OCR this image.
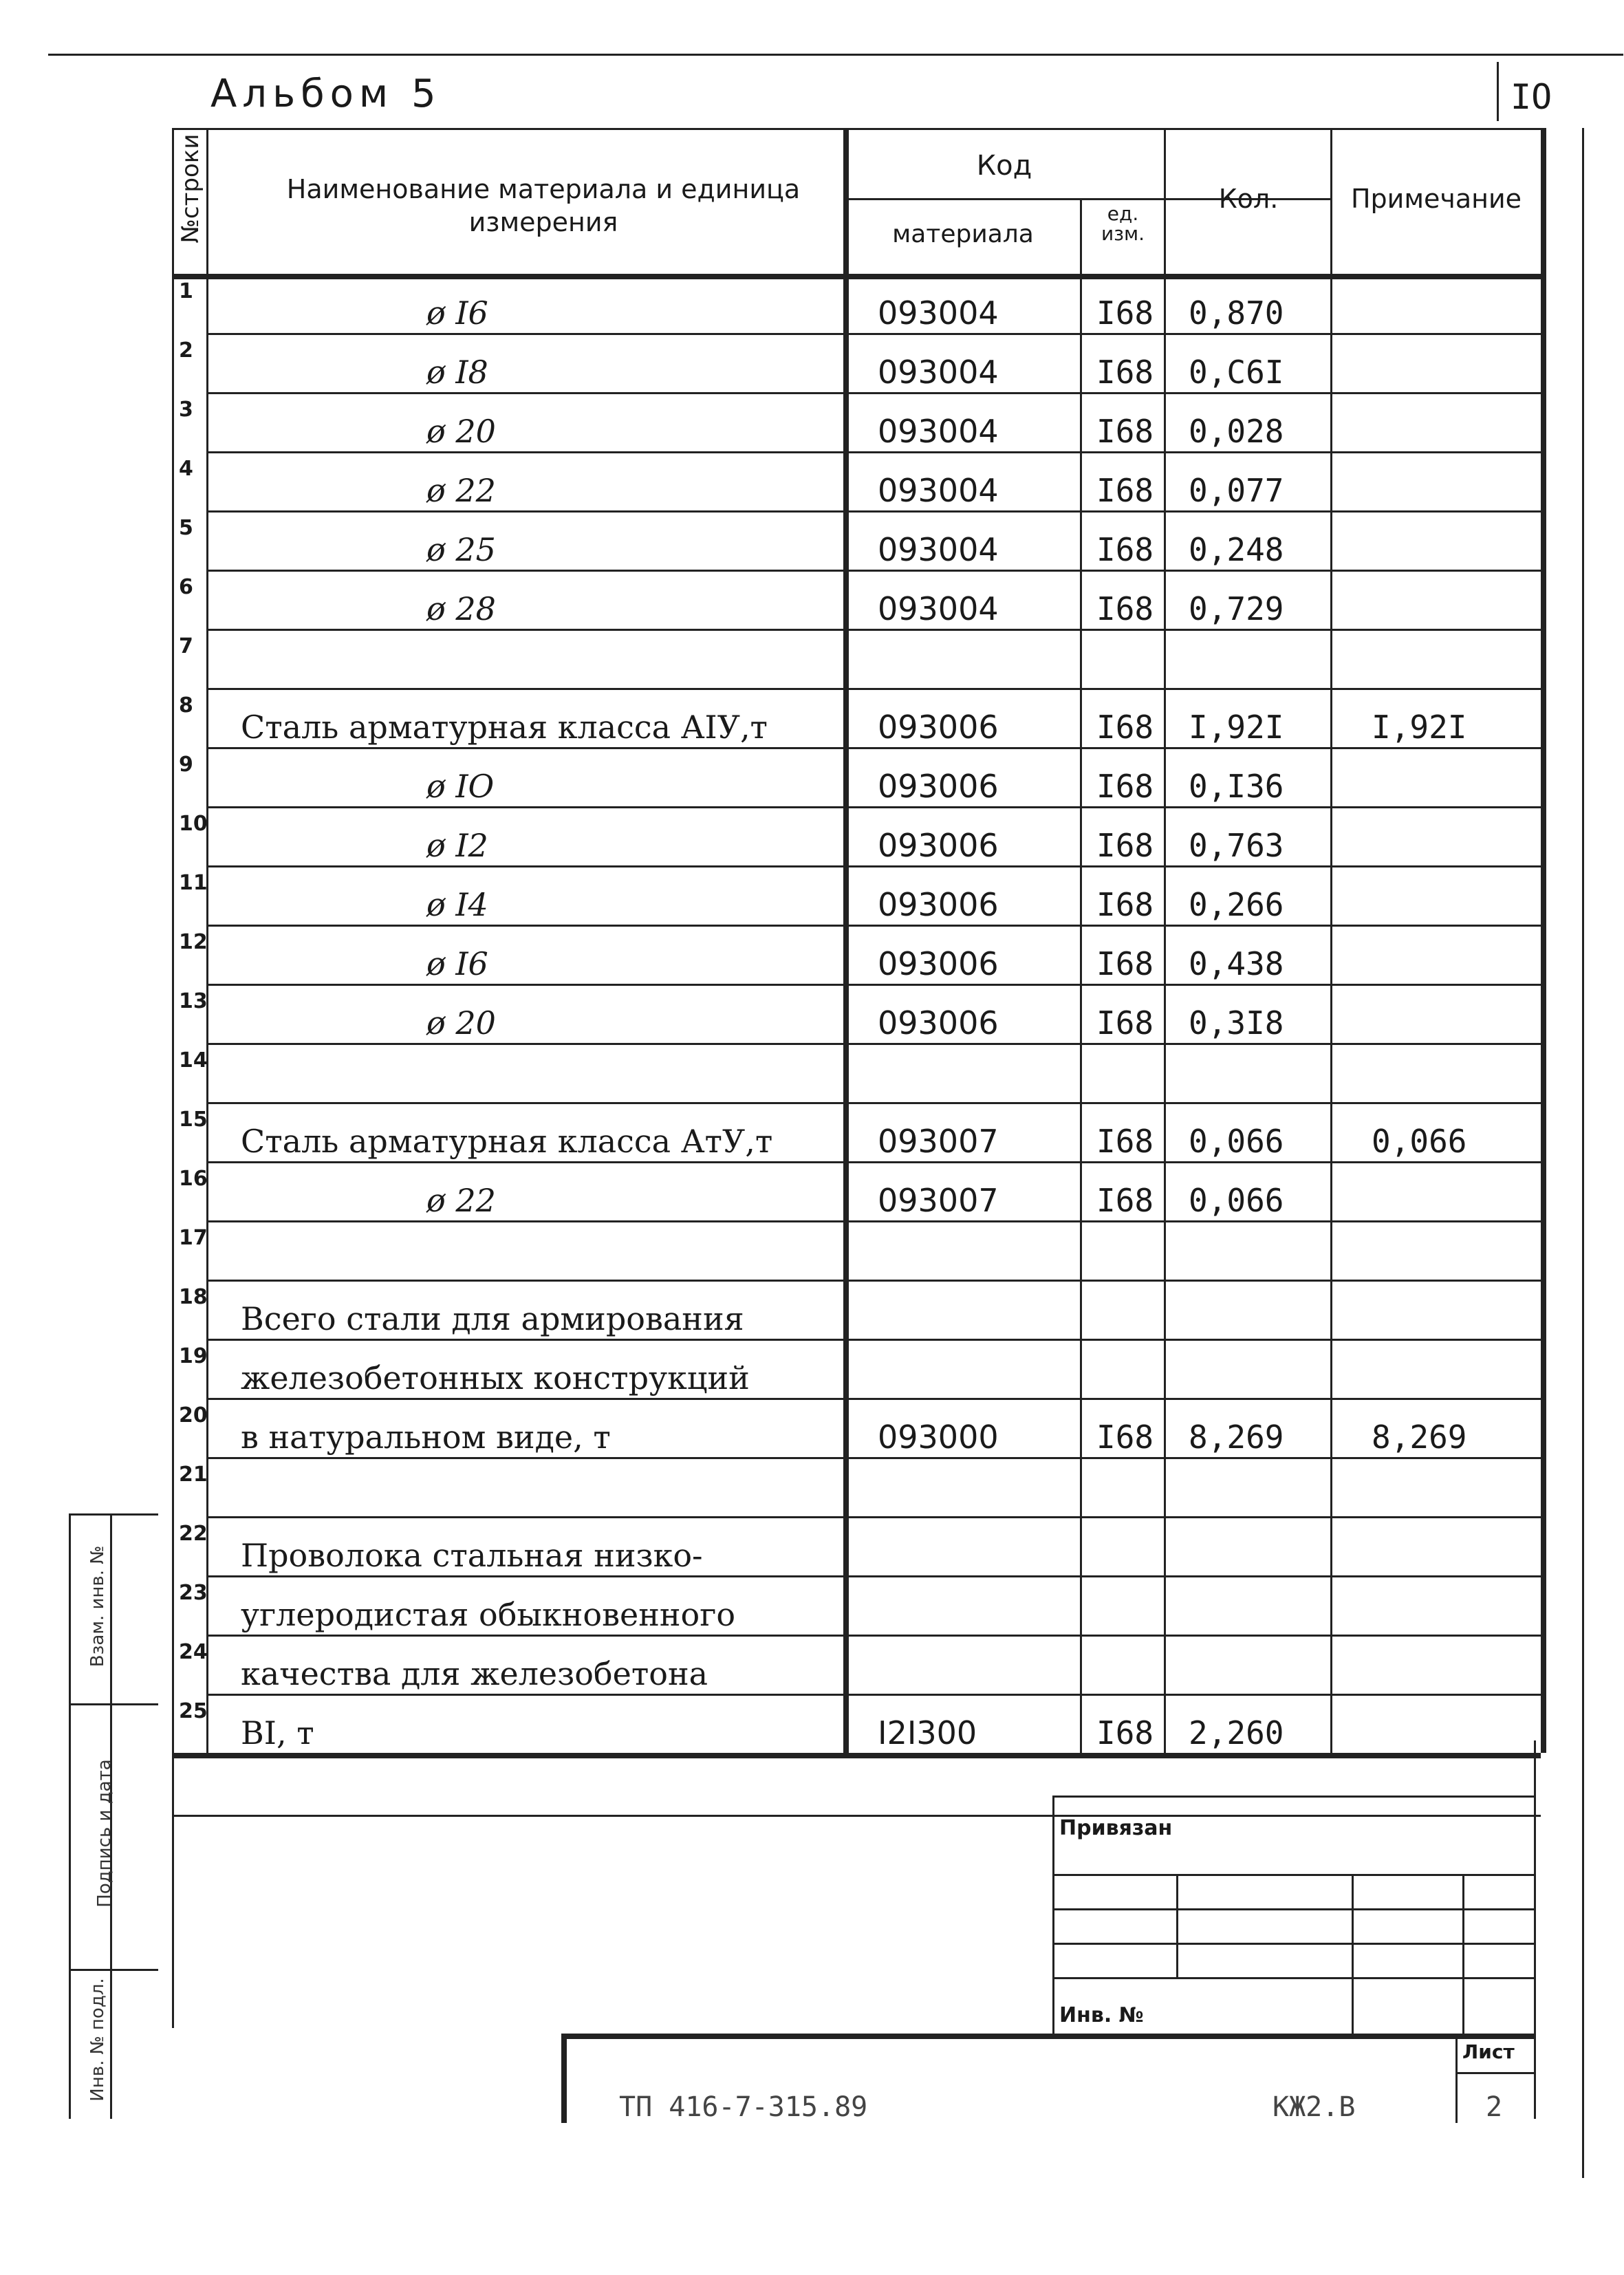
Альбом 5	IO
1
ø I6	093004	I68 0,870
2
ø I8	093004	I68 0,C6I
3
ø 20	093004	I68 0,028
4
ø 22	093004	I68 0,077
5
ø 25	093004	I68 0,248
6
ø 28	093004	I68 0,729
7
8
Сталь арматурная класса АIУ,т	093006	I68 I,92I	I,92I
9
ø IO	093006	I68 0,I36
10
ø I2	093006	I68 0,763
11
ø I4	093006	I68 0,266
12
ø I6	093006	I68 0,438
13
ø 20	093006	I68 0,3I8
14
15
Сталь арматурная класса АтУ,т	093007	I68 0,066	0,066
16
ø 22	093007	I68 0,066
17
18
Всего стали для армирования
19
железобетонных конструкций
20
в натуральном виде, т	093000	I68 8,269	8,269
21
22
Проволока стальная низко-
23
углеродистая обыкновенного
24
качества для железобетона
25
BI, т	I2I300	I68 2,260
№строки	Наименование материала и единица измерения
Код
материала
ед. изм.
Кол.	Примечание
Взам. инв. №
Подпись и дата
Инв. № подл.
Привязан
Инв. №
Лист
2
ТП 416-7-315.89	КЖ2.В
